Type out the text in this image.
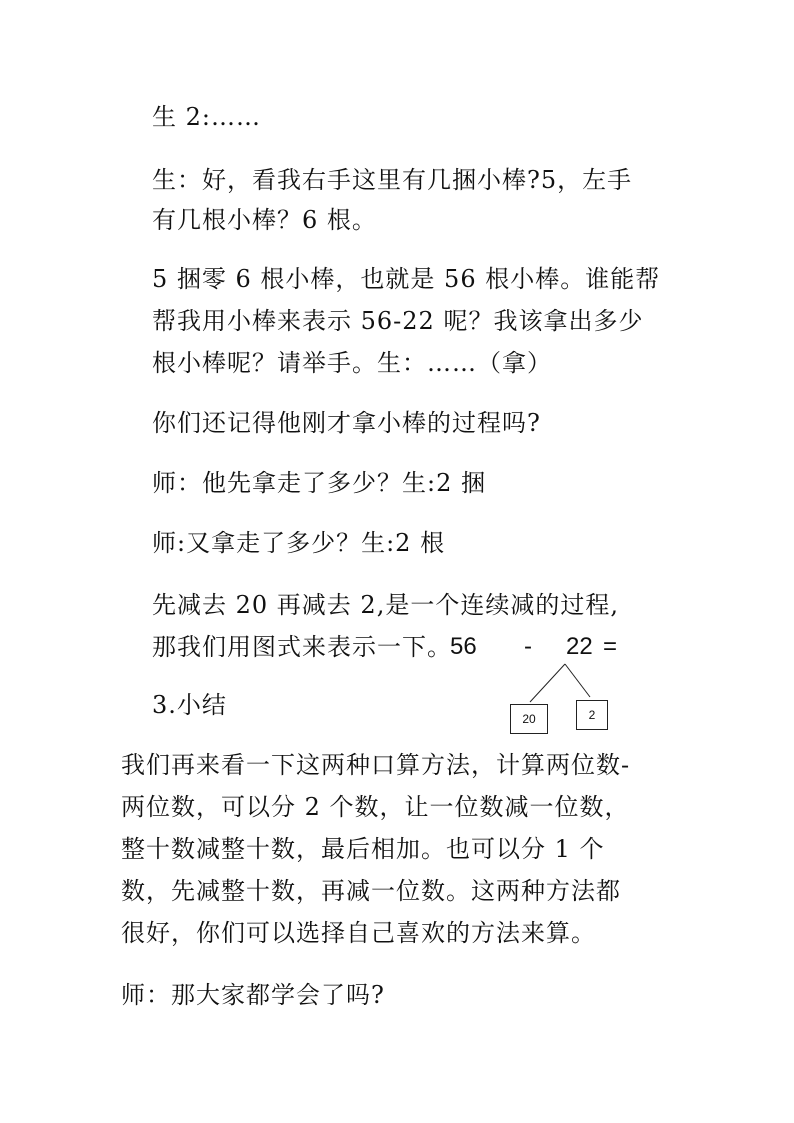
生 2:……
生：好，看我右手这里有几捆小棒?5，左手
有几根小棒？6 根。
5 捆零 6 根小棒，也就是 56 根小棒。谁能帮
帮我用小棒来表示 56-22 呢？我该拿出多少
根小棒呢？请举手。生：……（拿）
你们还记得他刚才拿小棒的过程吗?
师：他先拿走了多少？生:2 捆
师:又拿走了多少？生:2 根
先减去 20 再减去 2,是一个连续减的过程,
那我们用图式来表示一下。
56 - 22 =
20	2
3.小结
我们再来看一下这两种口算方法，计算两位数-
两位数，可以分 2 个数，让一位数减一位数，
整十数减整十数，最后相加。也可以分 1 个
数，先减整十数，再减一位数。这两种方法都
很好，你们可以选择自己喜欢的方法来算。
师：那大家都学会了吗?
